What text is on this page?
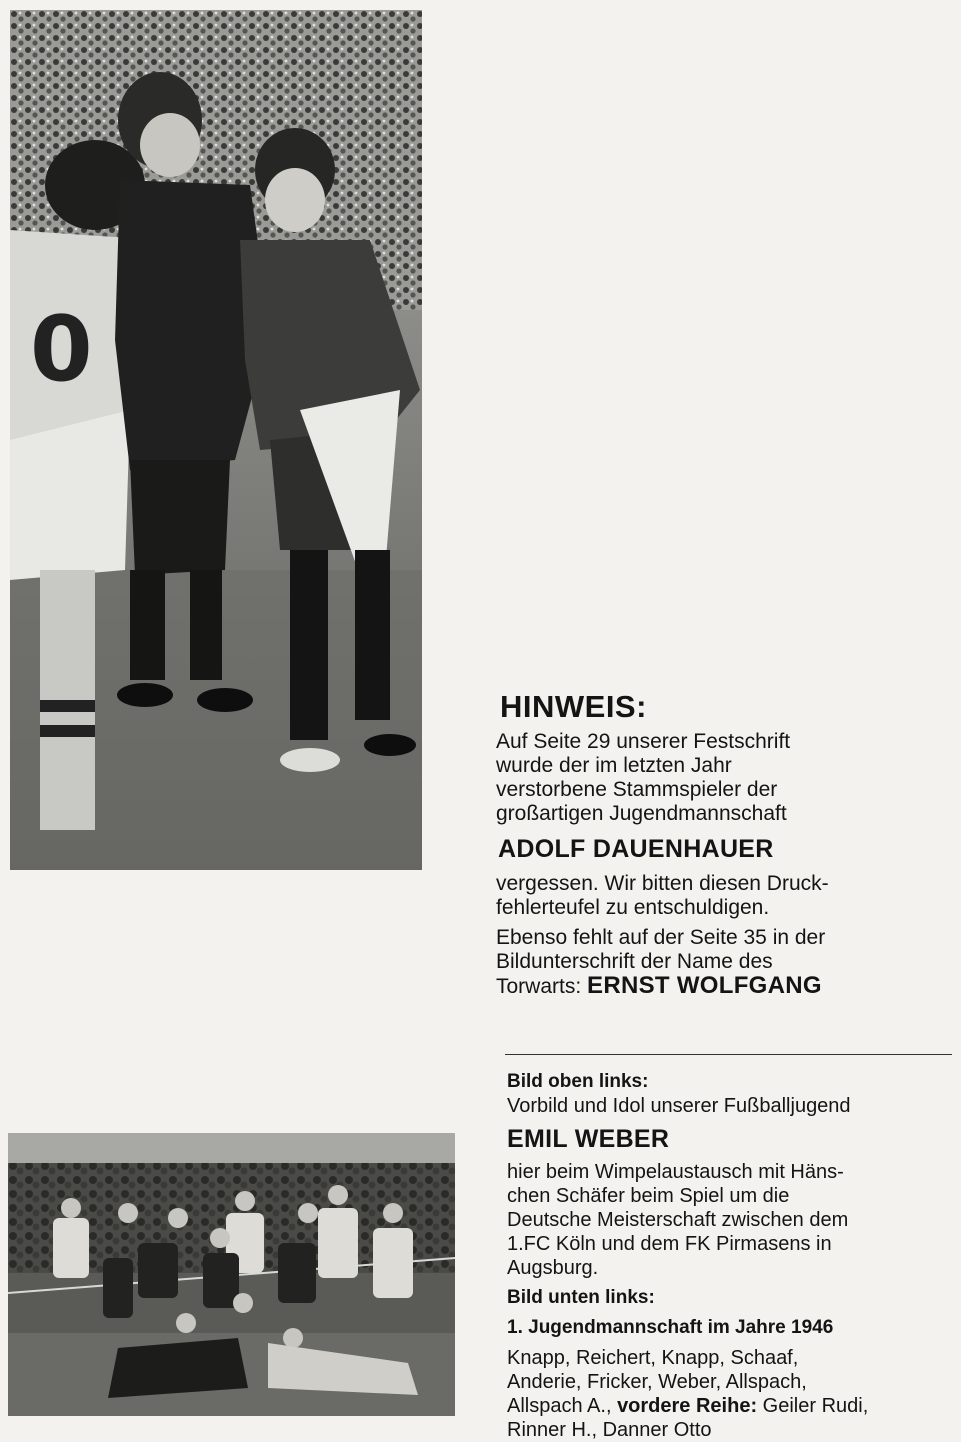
0

HINWEIS:

Auf Seite 29 unserer Festschrift

wurde der im letzten Jahr

verstorbene Stammspieler der

großartigen Jugendmannschaft

ADOLF DAUENHAUER

vergessen. Wir bitten diesen Druck-

fehlerteufel zu entschuldigen.

Ebenso fehlt auf der Seite 35 in der

Bildunterschrift der Name des

Torwarts: ERNST WOLFGANG

Bild oben links:

Vorbild und Idol unserer Fußballjugend

EMIL WEBER

hier beim Wimpelaustausch mit Häns-

chen Schäfer beim Spiel um die

Deutsche Meisterschaft zwischen dem

1.FC Köln und dem FK Pirmasens in

Augsburg.

Bild unten links:

1. Jugendmannschaft im Jahre 1946

Knapp, Reichert, Knapp, Schaaf,

Anderie, Fricker, Weber, Allspach,

Allspach A., vordere Reihe: Geiler Rudi,

Rinner H., Danner Otto
